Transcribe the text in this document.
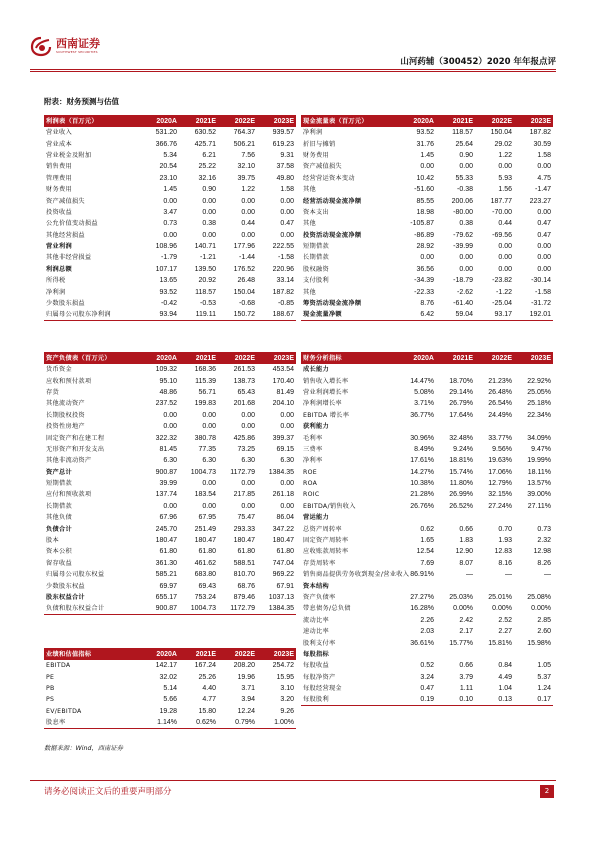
西南证券
SOUTHWEST SECURITIES
山河药辅（300452）2020 年年报点评
附表：财务预测与估值
利润表（百万元）	2020A	2021E	2022E	2023E
营业收入	531.20	630.52	764.37	939.57
营业成本	366.76	425.71	506.21	619.23
营业税金及附加	5.34	6.21	7.56	9.31
销售费用	20.54	25.22	32.10	37.58
管理费用	23.10	32.16	39.75	49.80
财务费用	1.45	0.90	1.22	1.58
资产减值损失	0.00	0.00	0.00	0.00
投资收益	3.47	0.00	0.00	0.00
公允价值变动损益	0.73	0.38	0.44	0.47
其他经营损益	0.00	0.00	0.00	0.00
营业利润	108.96	140.71	177.96	222.55
其他非经营损益	-1.79	-1.21	-1.44	-1.58
利润总额	107.17	139.50	176.52	220.96
所得税	13.65	20.92	26.48	33.14
净利润	93.52	118.57	150.04	187.82
少数股东损益	-0.42	-0.53	-0.68	-0.85
归属母公司股东净利润	93.94	119.11	150.72	188.67
现金流量表（百万元）	2020A	2021E	2022E	2023E
净利润	93.52	118.57	150.04	187.82
折旧与摊销	31.76	25.64	29.02	30.59
财务费用	1.45	0.90	1.22	1.58
资产减值损失	0.00	0.00	0.00	0.00
经营营运资本变动	10.42	55.33	5.93	4.75
其他	-51.60	-0.38	1.56	-1.47
经营活动现金流净额	85.55	200.06	187.77	223.27
资本支出	18.98	-80.00	-70.00	0.00
其他	-105.87	0.38	0.44	0.47
投资活动现金流净额	-86.89	-79.62	-69.56	0.47
短期借款	28.92	-39.99	0.00	0.00
长期借款	0.00	0.00	0.00	0.00
股权融资	36.56	0.00	0.00	0.00
支付股利	-34.39	-18.79	-23.82	-30.14
其他	-22.33	-2.62	-1.22	-1.58
筹资活动现金流净额	8.76	-61.40	-25.04	-31.72
现金流量净额	6.42	59.04	93.17	192.01
资产负债表（百万元）	2020A	2021E	2022E	2023E
货币资金	109.32	168.36	261.53	453.54
应收和预付款项	95.10	115.39	138.73	170.40
存货	48.86	56.71	65.43	81.49
其他流动资产	237.52	199.83	201.68	204.10
长期股权投资	0.00	0.00	0.00	0.00
投资性房地产	0.00	0.00	0.00	0.00
固定资产和在建工程	322.32	380.78	425.86	399.37
无形资产和开发支出	81.45	77.35	73.25	69.15
其他非流动资产	6.30	6.30	6.30	6.30
资产总计	900.87	1004.73	1172.79	1384.35
短期借款	39.99	0.00	0.00	0.00
应付和预收款项	137.74	183.54	217.85	261.18
长期借款	0.00	0.00	0.00	0.00
其他负债	67.96	67.95	75.47	86.04
负债合计	245.70	251.49	293.33	347.22
股本	180.47	180.47	180.47	180.47
资本公积	61.80	61.80	61.80	61.80
留存收益	361.30	461.62	588.51	747.04
归属母公司股东权益	585.21	683.80	810.70	969.22
少数股东权益	69.97	69.43	68.76	67.91
股东权益合计	655.17	753.24	879.46	1037.13
负债和股东权益合计	900.87	1004.73	1172.79	1384.35
财务分析指标	2020A	2021E	2022E	2023E
成长能力				
销售收入增长率	14.47%	18.70%	21.23%	22.92%
营业利润增长率	5.08%	29.14%	26.48%	25.05%
净利润增长率	3.71%	26.79%	26.54%	25.18%
EBITDA 增长率	36.77%	17.64%	24.49%	22.34%
获利能力				
毛利率	30.96%	32.48%	33.77%	34.09%
三费率	8.49%	9.24%	9.56%	9.47%
净利率	17.61%	18.81%	19.63%	19.99%
ROE	14.27%	15.74%	17.06%	18.11%
ROA	10.38%	11.80%	12.79%	13.57%
ROIC	21.28%	26.99%	32.15%	39.00%
EBITDA/销售收入	26.76%	26.52%	27.24%	27.11%
营运能力				
总资产周转率	0.62	0.66	0.70	0.73
固定资产周转率	1.65	1.83	1.93	2.32
应收账款周转率	12.54	12.90	12.83	12.98
存货周转率	7.69	8.07	8.16	8.26
销售商品提供劳务收到现金/营业收入	86.91%	—	—	—
资本结构				
资产负债率	27.27%	25.03%	25.01%	25.08%
带息债务/总负债	16.28%	0.00%	0.00%	0.00%
流动比率	2.26	2.42	2.52	2.85
速动比率	2.03	2.17	2.27	2.60
股利支付率	36.61%	15.77%	15.81%	15.98%
每股指标				
每股收益	0.52	0.66	0.84	1.05
每股净资产	3.24	3.79	4.49	5.37
每股经营现金	0.47	1.11	1.04	1.24
每股股利	0.19	0.10	0.13	0.17
业绩和估值指标	2020A	2021E	2022E	2023E
EBITDA	142.17	167.24	208.20	254.72
PE	32.02	25.26	19.96	15.95
PB	5.14	4.40	3.71	3.10
PS	5.66	4.77	3.94	3.20
EV/EBITDA	19.28	15.80	12.24	9.26
股息率	1.14%	0.62%	0.79%	1.00%
数据来源：Wind，西南证券
请务必阅读正文后的重要声明部分	2
